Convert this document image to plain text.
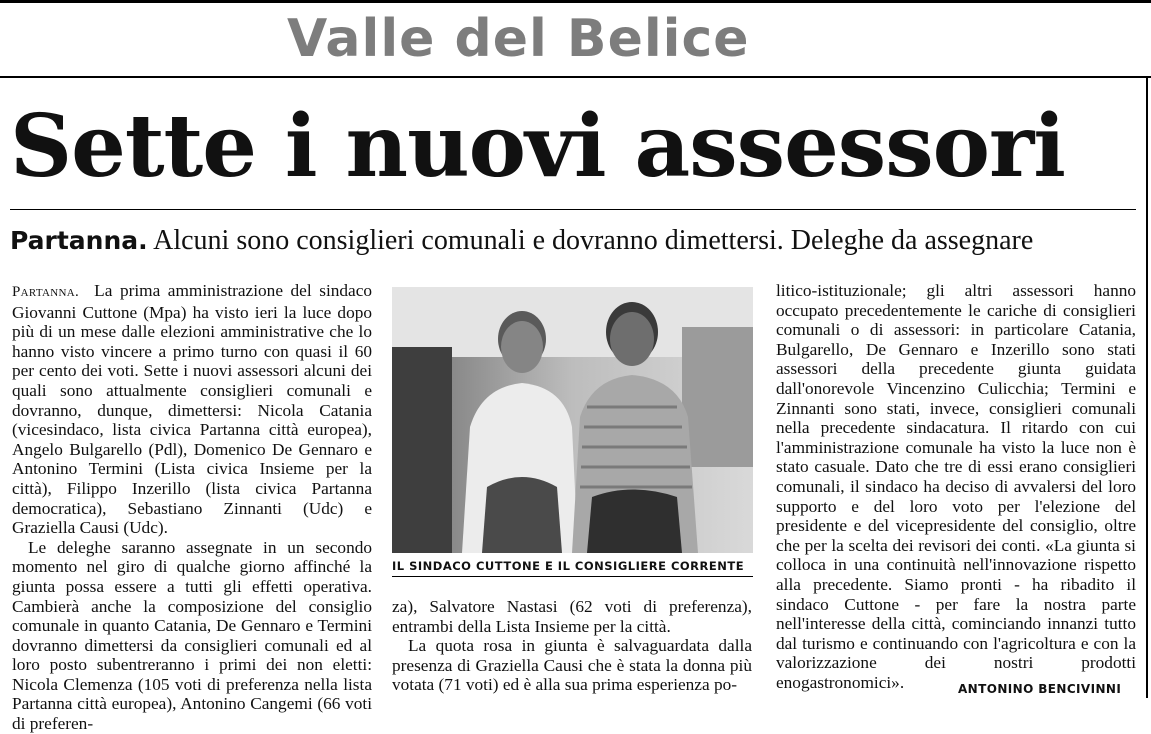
Valle del Belice
Sette i nuovi assessori
Partanna. Alcuni sono consiglieri comunali e dovranno dimettersi. Deleghe da assegnare

Partanna. La prima amministrazione del sindaco Giovanni Cuttone (Mpa) ha visto ieri la luce dopo più di un mese dalle elezioni amministrative che lo hanno visto vincere a primo turno con quasi il 60 per cento dei voti. Sette i nuovi assessori alcuni dei quali sono attualmente consiglieri comunali e dovranno, dunque, dimettersi: Nicola Catania (vicesindaco, lista civica Partanna città europea), Angelo Bulgarello (Pdl), Domenico De Gennaro e Antonino Termini (Lista civica Insieme per la città), Filippo Inzerillo (lista civica Partanna democratica), Sebastiano Zinnanti (Udc) e Graziella Causi (Udc).

Le deleghe saranno assegnate in un secondo momento nel giro di qualche giorno affinché la giunta possa essere a tutti gli effetti operativa. Cambierà anche la composizione del consiglio comunale in quanto Catania, De Gennaro e Termini dovranno dimettersi da consiglieri comunali ed al loro posto subentreranno i primi dei non eletti: Nicola Clemenza (105 voti di preferenza nella lista Partanna città europea), Antonino Cangemi (66 voti di preferen-

IL SINDACO CUTTONE E IL CONSIGLIERE CORRENTE

za), Salvatore Nastasi (62 voti di preferenza), entrambi della Lista Insieme per la città.

La quota rosa in giunta è salvaguardata dalla presenza di Graziella Causi che è stata la donna più votata (71 voti) ed è alla sua prima esperienza po-

litico-istituzionale; gli altri assessori hanno occupato precedentemente le cariche di consiglieri comunali o di assessori: in particolare Catania, Bulgarello, De Gennaro e Inzerillo sono stati assessori della precedente giunta guidata dall'onorevole Vincenzino Culicchia; Termini e Zinnanti sono stati, invece, consiglieri comunali nella precedente sindacatura. Il ritardo con cui l'amministrazione comunale ha visto la luce non è stato casuale. Dato che tre di essi erano consiglieri comunali, il sindaco ha deciso di avvalersi del loro supporto e del loro voto per l'elezione del presidente e del vicepresidente del consiglio, oltre che per la scelta dei revisori dei conti. «La giunta si colloca in una continuità nell'innovazione rispetto alla precedente. Siamo pronti - ha ribadito il sindaco Cuttone - per fare la nostra parte nell'interesse della città, cominciando innanzi tutto dal turismo e continuando con l'agricoltura e con la valorizzazione dei nostri prodotti enogastronomici».	ANTONINO BENCIVINNI
